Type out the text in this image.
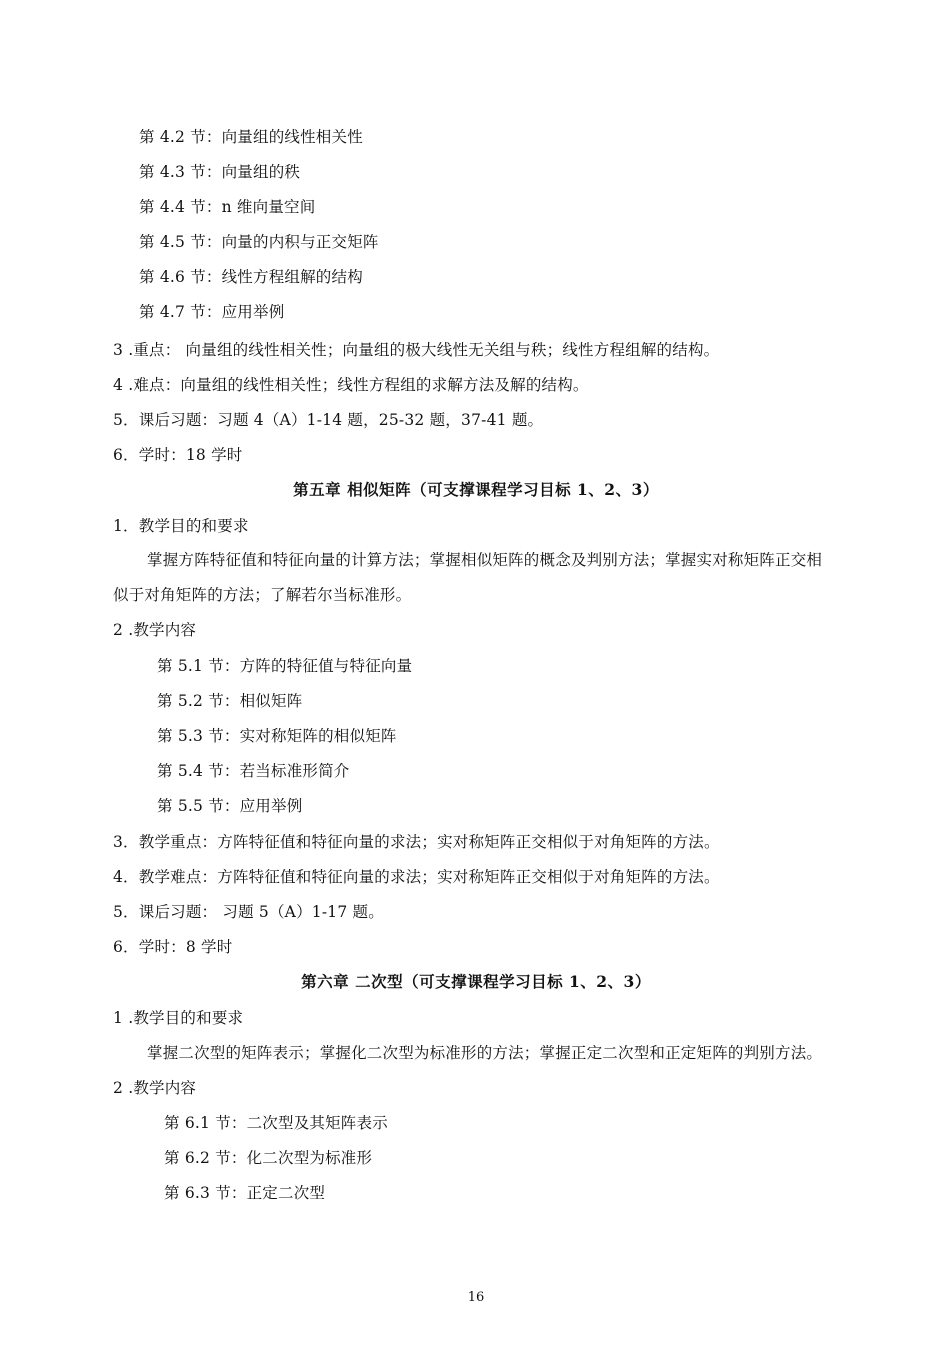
第 4.2 节：向量组的线性相关性
第 4.3 节：向量组的秩
第 4.4 节：n 维向量空间
第 4.5 节：向量的内积与正交矩阵
第 4.6 节：线性方程组解的结构
第 4.7 节：应用举例
3 .重点： 向量组的线性相关性；向量组的极大线性无关组与秩；线性方程组解的结构。
4 .难点：向量组的线性相关性；线性方程组的求解方法及解的结构。
5．课后习题：习题 4（A）1-14 题，25-32 题，37-41 题。
6．学时：18 学时
第五章 相似矩阵（可支撑课程学习目标 1、2、3）
1．教学目的和要求
掌握方阵特征值和特征向量的计算方法；掌握相似矩阵的概念及判别方法；掌握实对称矩阵正交相
似于对角矩阵的方法；了解若尔当标准形。
2 .教学内容
第 5.1 节：方阵的特征值与特征向量
第 5.2 节：相似矩阵
第 5.3 节：实对称矩阵的相似矩阵
第 5.4 节：若当标准形简介
第 5.5 节：应用举例
3．教学重点：方阵特征值和特征向量的求法；实对称矩阵正交相似于对角矩阵的方法。
4．教学难点：方阵特征值和特征向量的求法；实对称矩阵正交相似于对角矩阵的方法。
5．课后习题： 习题 5（A）1-17 题。
6．学时：8 学时
第六章 二次型（可支撑课程学习目标 1、2、3）
1 .教学目的和要求
掌握二次型的矩阵表示；掌握化二次型为标准形的方法；掌握正定二次型和正定矩阵的判别方法。
2 .教学内容
第 6.1 节：二次型及其矩阵表示
第 6.2 节：化二次型为标准形
第 6.3 节：正定二次型
16
